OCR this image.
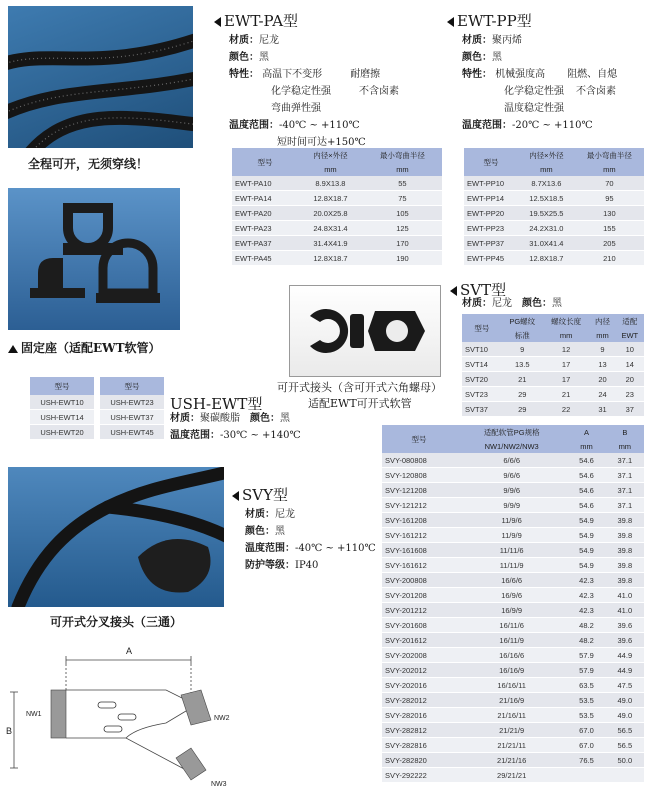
全程可开，无须穿线！
EWT-PA型
材质：尼龙
颜色：黑
特性： 高温下不变形	耐磨擦
化学稳定性强	不含卤素
弯曲弹性强
温度范围：-40℃ ~ +110℃
短时间可达+150℃
型号	内径×外径	最小弯曲半径
	mm	mm
EWT-PA10	8.9X13.8	55
EWT-PA14	12.8X18.7	75
EWT-PA20	20.0X25.8	105
EWT-PA23	24.8X31.4	125
EWT-PA37	31.4X41.9	170
EWT-PA45	12.8X18.7	190
EWT-PP型
材质：聚丙烯
颜色：黑
特性： 机械强度高 阻燃、自熄
化学稳定性强 不含卤素
温度稳定性强
温度范围：-20℃ ~ +110℃
型号	内径×外径	最小弯曲半径
	mm	mm
EWT-PP10	8.7X13.6	70
EWT-PP14	12.5X18.5	95
EWT-PP20	19.5X25.5	130
EWT-PP23	24.2X31.0	155
EWT-PP37	31.0X41.4	205
EWT-PP45	12.8X18.7	210
固定座（适配EWT软管）
型号
USH-EWT10
USH-EWT14
USH-EWT20
型号
USH-EWT23
USH-EWT37
USH-EWT45
USH-EWT型
材质：聚碳酸脂　 颜色：黑
温度范围：-30℃ ~ +140℃
可开式接头（含可开式六角螺母）
适配EWT可开式软管
SVT型
材质：尼龙　 颜色：黑
型号	PG螺纹	螺纹长度	内径	适配
	标准	mm	mm	EWT
SVT10	9	12	9	10
SVT14	13.5	17	13	14
SVT20	21	17	20	20
SVT23	29	21	24	23
SVT37	29	22	31	37
SVY型
材质：尼龙
颜色：黑
温度范围：-40℃ ~ +110℃
防护等级：IP40
可开式分叉接头（三通）
型号	适配软管PG规格	A	B
	NW1/NW2/NW3	mm	mm
SVY-080808	6/6/6	54.6	37.1
SVY-120808	9/6/6	54.6	37.1
SVY-121208	9/9/6	54.6	37.1
SVY-121212	9/9/9	54.6	37.1
SVY-161208	11/9/6	54.9	39.8
SVY-161212	11/9/9	54.9	39.8
SVY-161608	11/11/6	54.9	39.8
SVY-161612	11/11/9	54.9	39.8
SVY-200808	16/6/6	42.3	39.8
SVY-201208	16/9/6	42.3	41.0
SVY-201212	16/9/9	42.3	41.0
SVY-201608	16/11/6	48.2	39.6
SVY-201612	16/11/9	48.2	39.6
SVY-202008	16/16/6	57.9	44.9
SVY-202012	16/16/9	57.9	44.9
SVY-202016	16/16/11	63.5	47.5
SVY-282012	21/16/9	53.5	49.0
SVY-282016	21/16/11	53.5	49.0
SVY-282812	21/21/9	67.0	56.5
SVY-282816	21/21/11	67.0	56.5
SVY-282820	21/21/16	76.5	50.0
SVY-292222	29/21/21		
A
B
NW1
NW2
NW3
